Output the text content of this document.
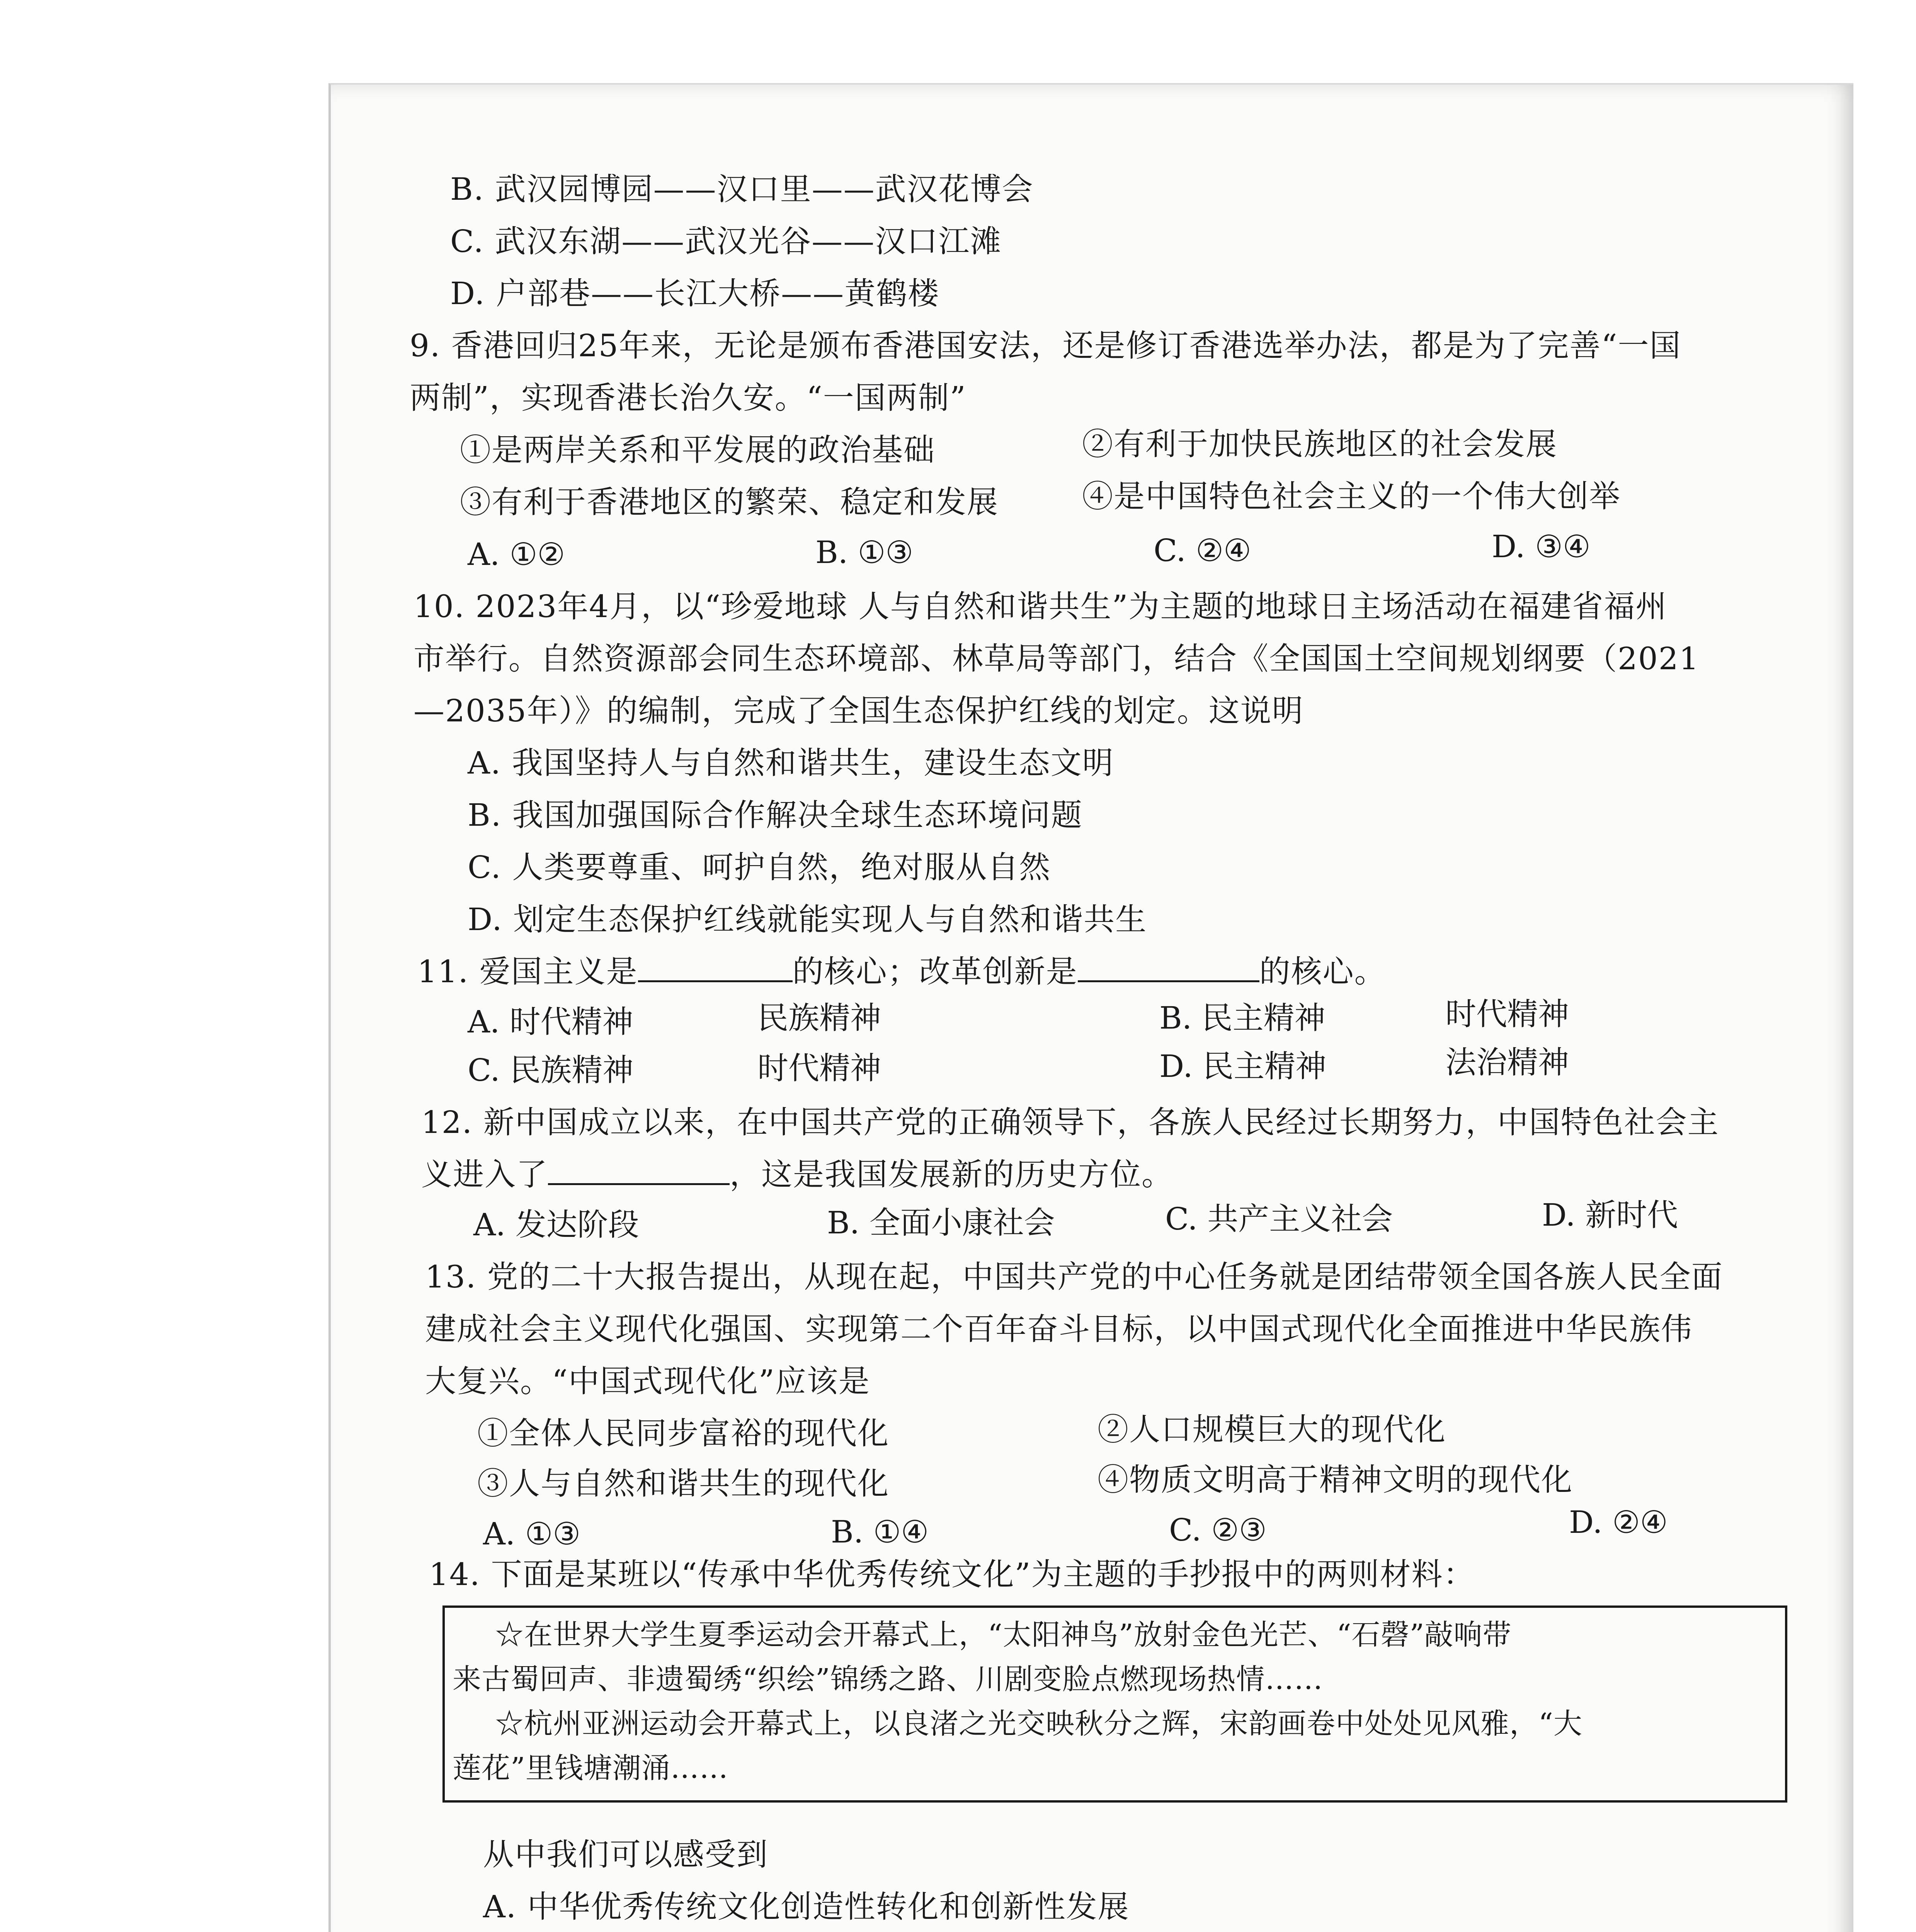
B. 武汉园博园——汉口里——武汉花博会
C. 武汉东湖——武汉光谷——汉口江滩
D. 户部巷——长江大桥——黄鹤楼
9. 香港回归25年来，无论是颁布香港国安法，还是修订香港选举办法，都是为了完善“一国
两制”，实现香港长治久安。“一国两制”
①是两岸关系和平发展的政治基础	②有利于加快民族地区的社会发展
③有利于香港地区的繁荣、稳定和发展	④是中国特色社会主义的一个伟大创举
A. ①②	B. ①③	C. ②④	D. ③④
10. 2023年4月，以“珍爱地球 人与自然和谐共生”为主题的地球日主场活动在福建省福州
市举行。自然资源部会同生态环境部、林草局等部门，结合《全国国土空间规划纲要（2021
—2035年）》的编制，完成了全国生态保护红线的划定。这说明
A. 我国坚持人与自然和谐共生，建设生态文明
B. 我国加强国际合作解决全球生态环境问题
C. 人类要尊重、呵护自然，绝对服从自然
D. 划定生态保护红线就能实现人与自然和谐共生
11. 爱国主义是	的核心；改革创新是	的核心。
A. 时代精神	民族精神	B. 民主精神	时代精神
C. 民族精神	时代精神	D. 民主精神	法治精神
12. 新中国成立以来，在中国共产党的正确领导下，各族人民经过长期努力，中国特色社会主
义进入了	，这是我国发展新的历史方位。
A. 发达阶段	B. 全面小康社会	C. 共产主义社会	D. 新时代
13. 党的二十大报告提出，从现在起，中国共产党的中心任务就是团结带领全国各族人民全面
建成社会主义现代化强国、实现第二个百年奋斗目标，以中国式现代化全面推进中华民族伟
大复兴。“中国式现代化”应该是
①全体人民同步富裕的现代化	②人口规模巨大的现代化
③人与自然和谐共生的现代化	④物质文明高于精神文明的现代化
A. ①③	B. ①④	C. ②③	D. ②④
14. 下面是某班以“传承中华优秀传统文化”为主题的手抄报中的两则材料：
☆在世界大学生夏季运动会开幕式上，“太阳神鸟”放射金色光芒、“石磬”敲响带
来古蜀回声、非遗蜀绣“织绘”锦绣之路、川剧变脸点燃现场热情……
☆杭州亚洲运动会开幕式上，以良渚之光交映秋分之辉，宋韵画卷中处处见风雅，“大
莲花”里钱塘潮涌……
从中我们可以感受到
A. 中华优秀传统文化创造性转化和创新性发展
